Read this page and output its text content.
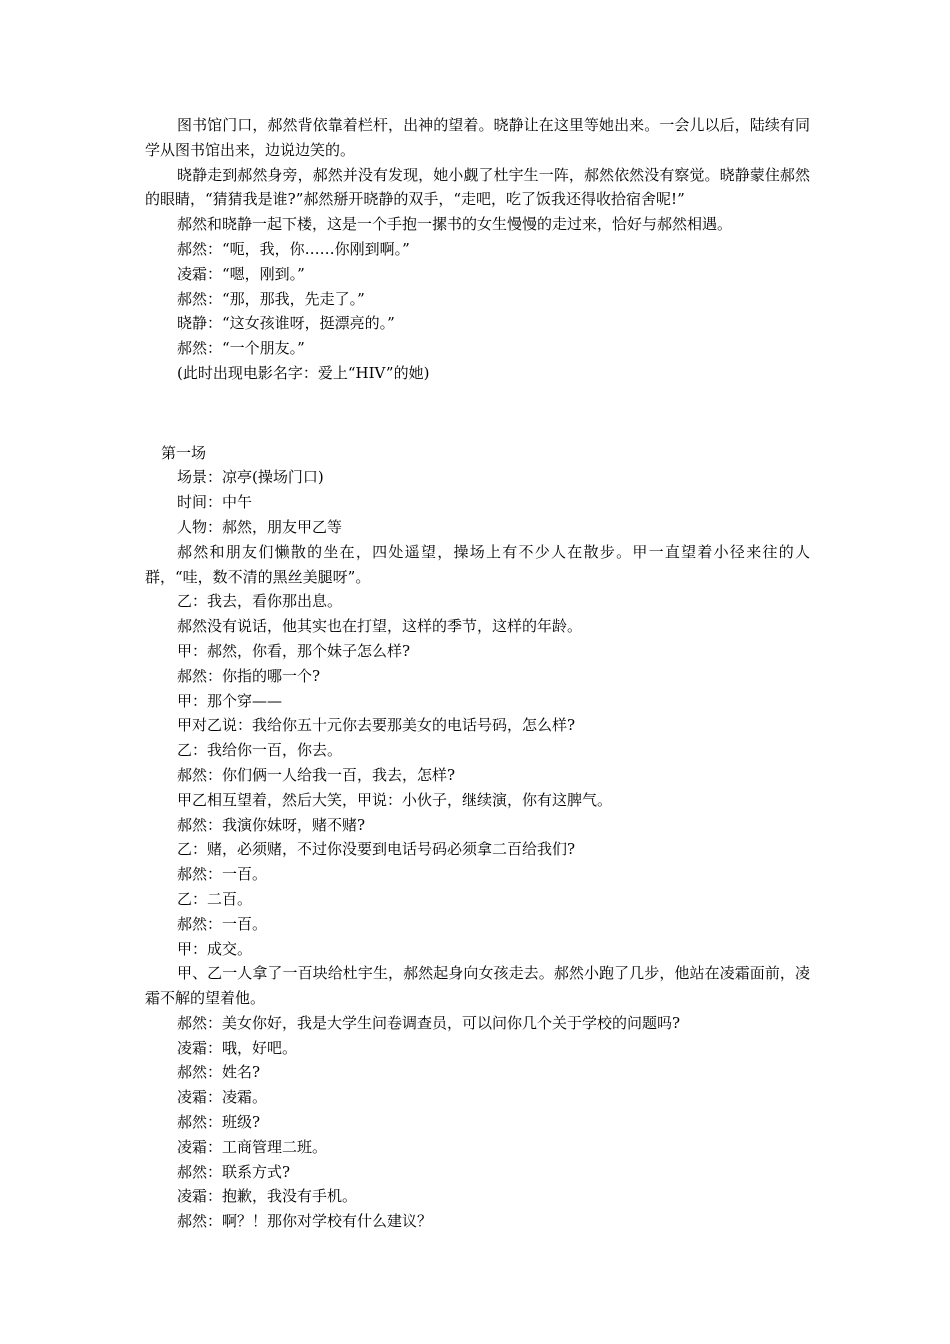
图书馆门口，郝然背依靠着栏杆，出神的望着。晓静让在这里等她出来。一会儿以后，陆续有同学从图书馆出来，边说边笑的。

晓静走到郝然身旁，郝然并没有发现，她小觑了杜宇生一阵，郝然依然没有察觉。晓静蒙住郝然的眼睛，“猜猜我是谁?”郝然掰开晓静的双手，“走吧，吃了饭我还得收拾宿舍呢!”

郝然和晓静一起下楼，这是一个手抱一摞书的女生慢慢的走过来，恰好与郝然相遇。

郝然：“呃，我，你……你刚到啊。”

凌霜：“嗯，刚到。”

郝然：“那，那我，先走了。”

晓静：“这女孩谁呀，挺漂亮的。”

郝然：“一个朋友。”

(此时出现电影名字：爱上“HIV”的她)

第一场

场景：凉亭(操场门口)

时间：中午

人物：郝然，朋友甲乙等

郝然和朋友们懒散的坐在，四处遥望，操场上有不少人在散步。甲一直望着小径来往的人群，“哇，数不清的黑丝美腿呀”。

乙：我去，看你那出息。

郝然没有说话，他其实也在打望，这样的季节，这样的年龄。

甲：郝然，你看，那个妹子怎么样?

郝然：你指的哪一个?

甲：那个穿——

甲对乙说：我给你五十元你去要那美女的电话号码，怎么样?

乙：我给你一百，你去。

郝然：你们俩一人给我一百，我去，怎样?

甲乙相互望着，然后大笑，甲说：小伙子，继续演，你有这脾气。

郝然：我演你妹呀，赌不赌?

乙：赌，必须赌，不过你没要到电话号码必须拿二百给我们?

郝然：一百。

乙：二百。

郝然：一百。

甲：成交。

甲、乙一人拿了一百块给杜宇生，郝然起身向女孩走去。郝然小跑了几步，他站在凌霜面前，凌霜不解的望着他。

郝然：美女你好，我是大学生问卷调查员，可以问你几个关于学校的问题吗?

凌霜：哦，好吧。

郝然：姓名?

凌霜：凌霜。

郝然：班级?

凌霜：工商管理二班。

郝然：联系方式?

凌霜：抱歉，我没有手机。

郝然：啊？！那你对学校有什么建议？
